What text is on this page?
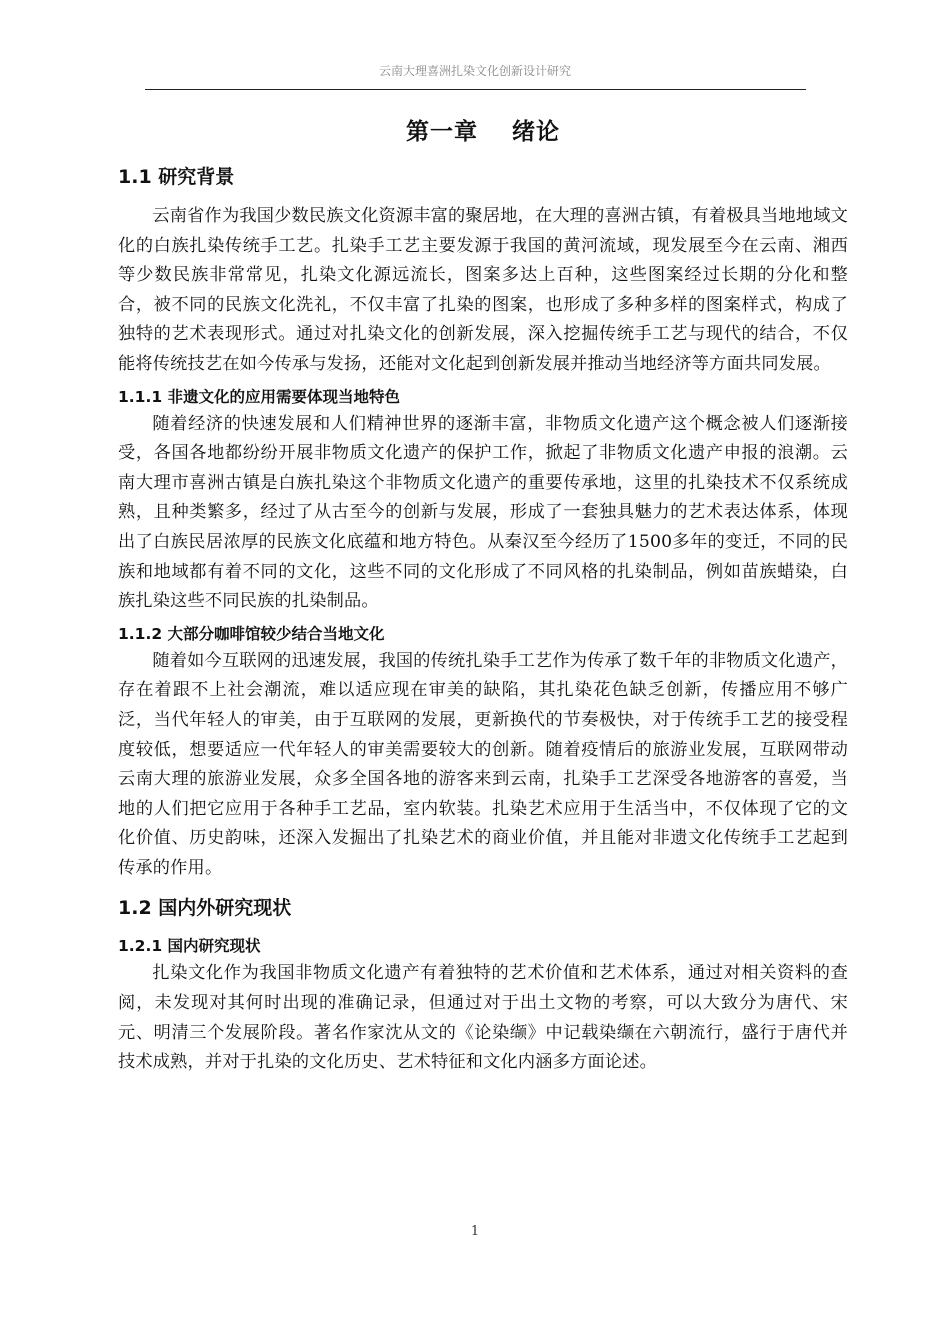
云南大理喜洲扎染文化创新设计研究
第一章 绪论
1.1 研究背景

云南省作为我国少数民族文化资源丰富的聚居地，在大理的喜洲古镇，有着极具当地地域文化的白族扎染传统手工艺。扎染手工艺主要发源于我国的黄河流域，现发展至今在云南、湘西等少数民族非常常见，扎染文化源远流长，图案多达上百种，这些图案经过长期的分化和整合，被不同的民族文化洗礼，不仅丰富了扎染的图案，也形成了多种多样的图案样式，构成了独特的艺术表现形式。通过对扎染文化的创新发展，深入挖掘传统手工艺与现代的结合，不仅能将传统技艺在如今传承与发扬，还能对文化起到创新发展并推动当地经济等方面共同发展。

1.1.1 非遗文化的应用需要体现当地特色

随着经济的快速发展和人们精神世界的逐渐丰富，非物质文化遗产这个概念被人们逐渐接受，各国各地都纷纷开展非物质文化遗产的保护工作，掀起了非物质文化遗产申报的浪潮。云南大理市喜洲古镇是白族扎染这个非物质文化遗产的重要传承地，这里的扎染技术不仅系统成熟，且种类繁多，经过了从古至今的创新与发展，形成了一套独具魅力的艺术表达体系，体现出了白族民居浓厚的民族文化底蕴和地方特色。从秦汉至今经历了1500多年的变迁，不同的民族和地域都有着不同的文化，这些不同的文化形成了不同风格的扎染制品，例如苗族蜡染，白族扎染这些不同民族的扎染制品。

1.1.2 大部分咖啡馆较少结合当地文化

随着如今互联网的迅速发展，我国的传统扎染手工艺作为传承了数千年的非物质文化遗产，存在着跟不上社会潮流，难以适应现在审美的缺陷，其扎染花色缺乏创新，传播应用不够广泛，当代年轻人的审美，由于互联网的发展，更新换代的节奏极快，对于传统手工艺的接受程度较低，想要适应一代年轻人的审美需要较大的创新。随着疫情后的旅游业发展，互联网带动云南大理的旅游业发展，众多全国各地的游客来到云南，扎染手工艺深受各地游客的喜爱，当地的人们把它应用于各种手工艺品，室内软装。扎染艺术应用于生活当中，不仅体现了它的文化价值、历史韵味，还深入发掘出了扎染艺术的商业价值，并且能对非遗文化传统手工艺起到传承的作用。

1.2 国内外研究现状
1.2.1 国内研究现状

扎染文化作为我国非物质文化遗产有着独特的艺术价值和艺术体系，通过对相关资料的查阅，未发现对其何时出现的准确记录，但通过对于出土文物的考察，可以大致分为唐代、宋元、明清三个发展阶段。著名作家沈从文的《论染缬》中记载染缬在六朝流行，盛行于唐代并技术成熟，并对于扎染的文化历史、艺术特征和文化内涵多方面论述。

1
